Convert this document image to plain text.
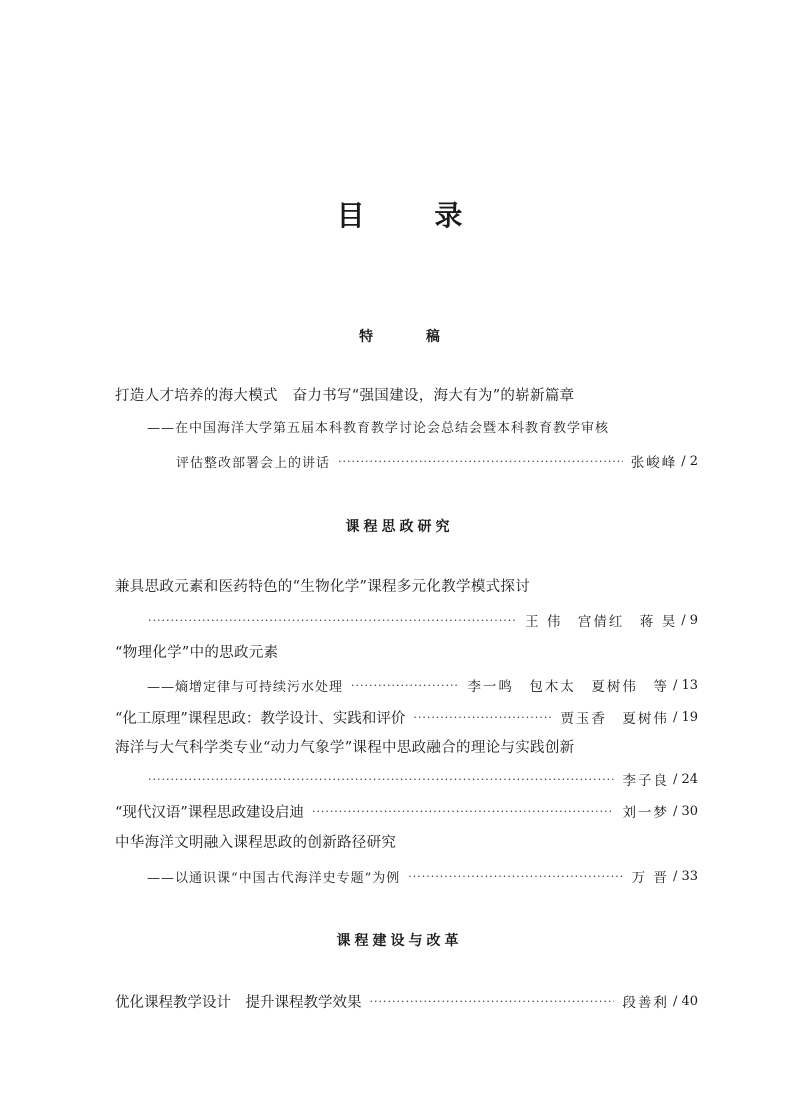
目 录
特 稿
打造人才培养的海大模式　奋力书写“强国建设，海大有为”的崭新篇章
——在中国海洋大学第五届本科教育教学讨论会总结会暨本科教育教学审核
评估整改部署会上的讲话 ·····	张峻峰 / 2
课程思政研究
兼具思政元素和医药特色的“生物化学”课程多元化教学模式探讨
·····
王 伟　宫倩红　蒋 昊 / 9
“物理化学”中的思政元素
——熵增定律与可持续污水处理 ·····	李一鸣　包木太　夏树伟　等 / 13
“化工原理”课程思政：教学设计、实践和评价 ·····	贾玉香　夏树伟 / 19
海洋与大气科学类专业“动力气象学”课程中思政融合的理论与实践创新
·····
李子良 / 24
“现代汉语”课程思政建设启迪 ·····	刘一梦 / 30
中华海洋文明融入课程思政的创新路径研究
——以通识课“中国古代海洋史专题”为例 ·····	万 晋 / 33
课程建设与改革
优化课程教学设计　提升课程教学效果 ·····	段善利 / 40
